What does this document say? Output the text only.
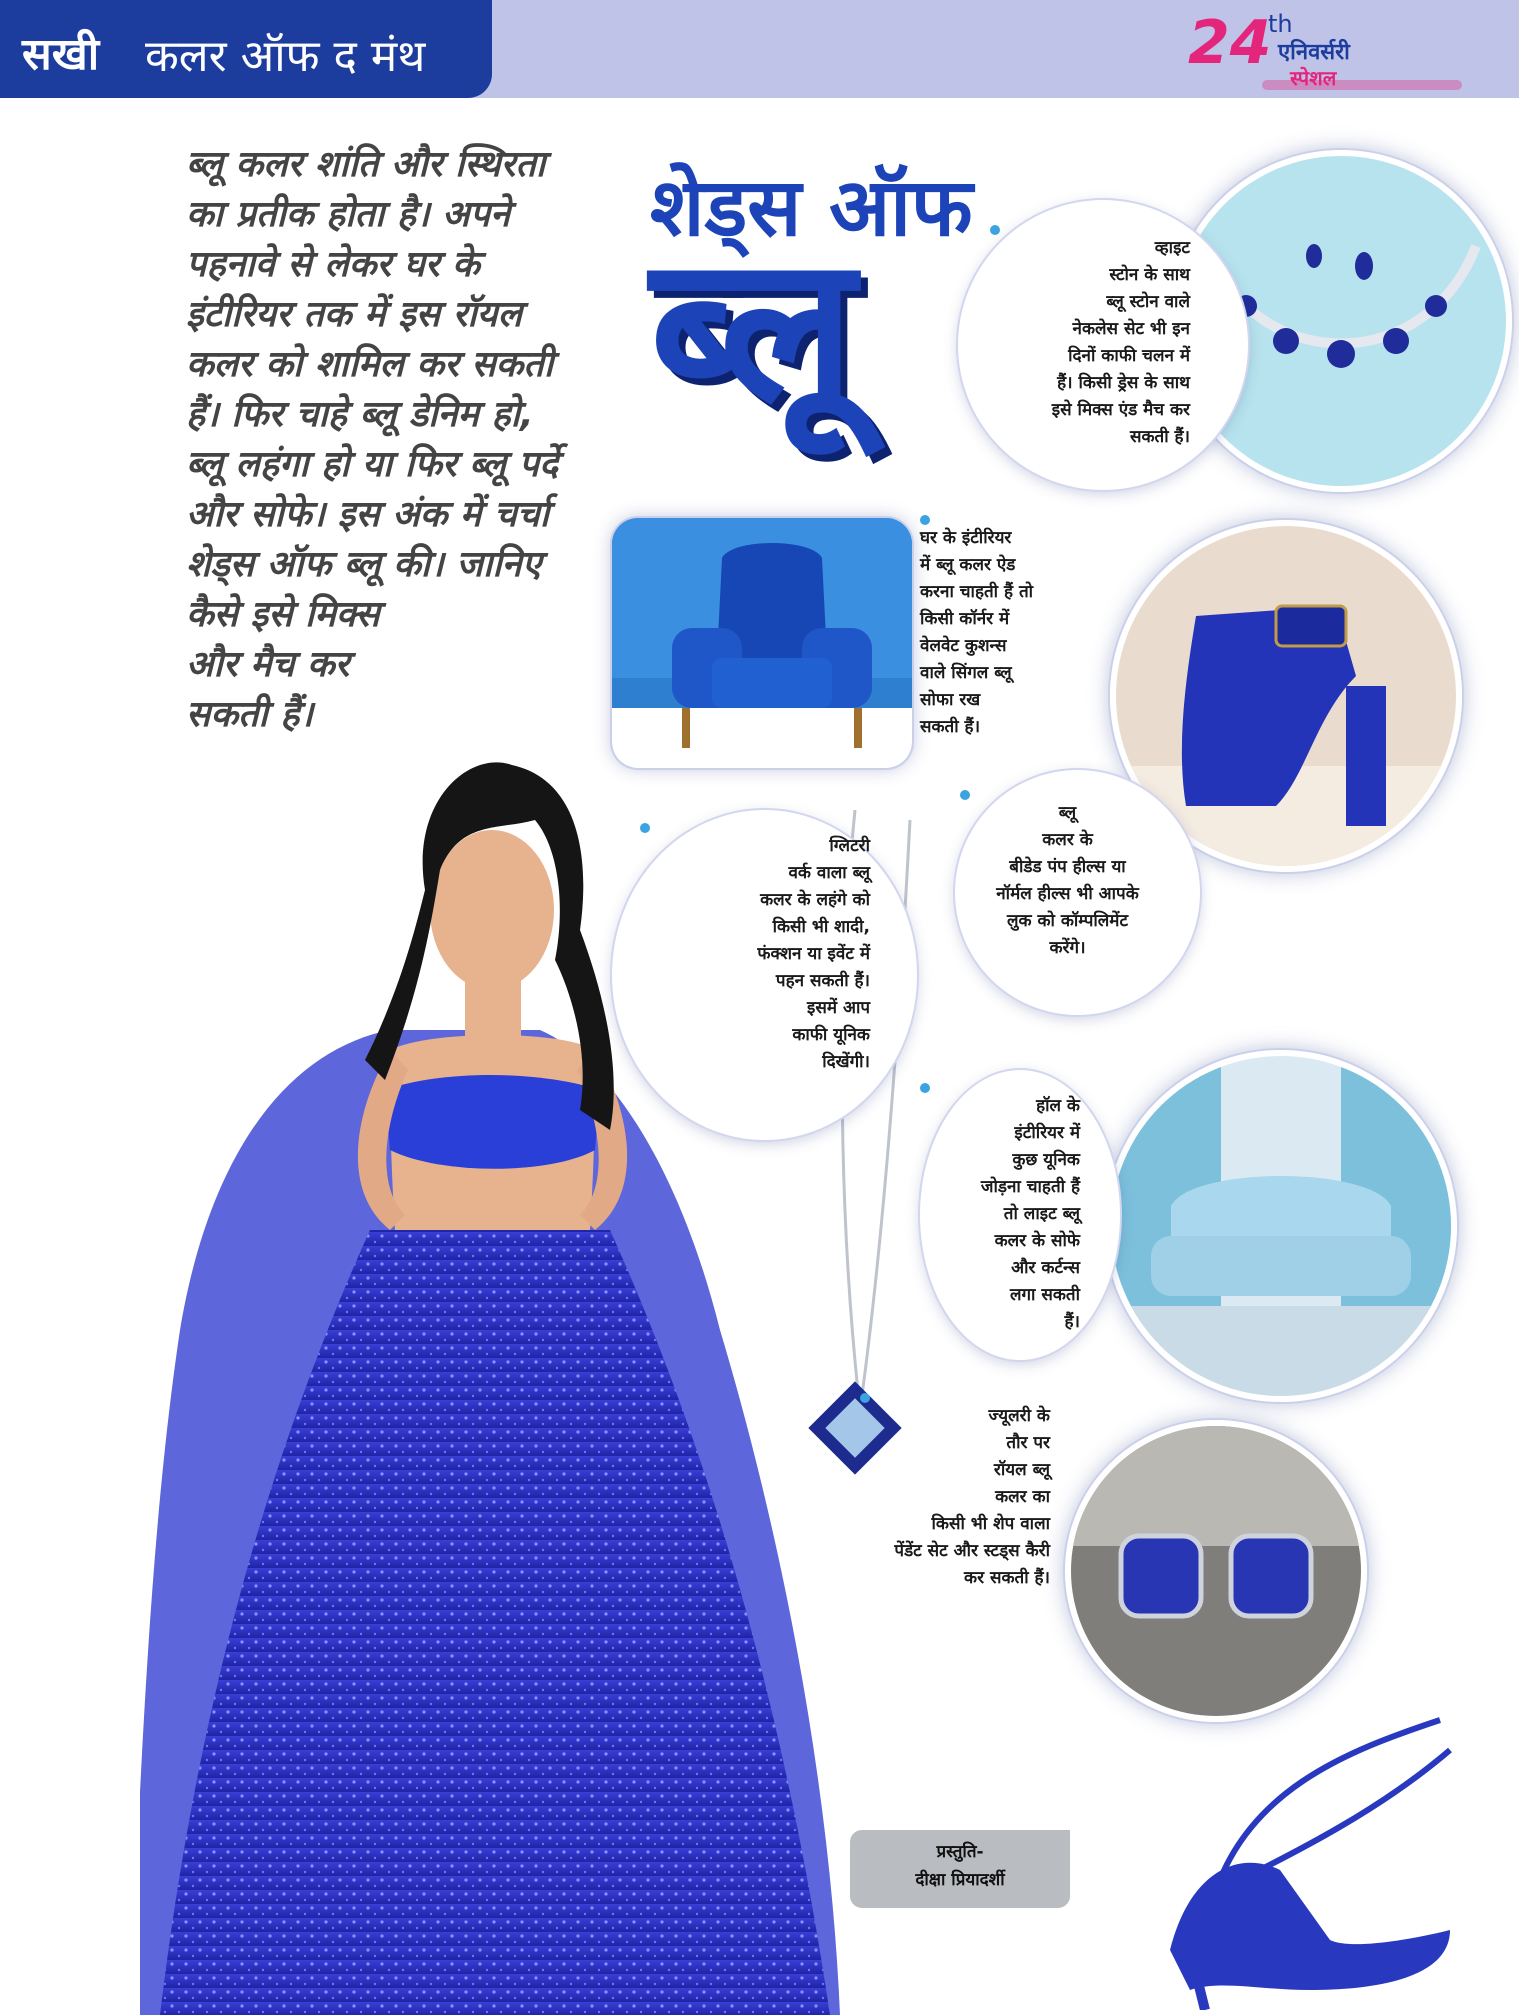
सखी कलर ऑफ द मंथ	24
th
एनिवर्सरी
स्पेशल
ब्लू कलर शांति और स्थिरता
का प्रतीक होता है। अपने
पहनावे से लेकर घर के
इंटीरियर तक में इस रॉयल
कलर को शामिल कर सकती
हैं। फिर चाहे ब्लू डेनिम हो,
ब्लू लहंगा हो या फिर ब्लू पर्दे
और सोफे। इस अंक में चर्चा
शेड्स ऑफ ब्लू की। जानिए
कैसे इसे मिक्स
और मैच कर
सकती हैं।
शेड्स ऑफ
ब्लू	व्हाइट
स्टोन के साथ
ब्लू स्टोन वाले
नेकलेस सेट भी इन
दिनों काफी चलन में
हैं। किसी ड्रेस के साथ
इसे मिक्स एंड मैच कर
सकती हैं।
घर के इंटीरियर
में ब्लू कलर ऐड
करना चाहती हैं तो
किसी कॉर्नर में
वेलवेट कुशन्स
वाले सिंगल ब्लू
सोफा रख
सकती हैं।
ब्लू
कलर के
बीडेड पंप हील्स या
नॉर्मल हील्स भी आपके
लुक को कॉम्पलिमेंट
करेंगे।
ग्लिटरी
वर्क वाला ब्लू
कलर के लहंगे को
किसी भी शादी,
फंक्शन या इवेंट में
पहन सकती हैं।
इसमें आप
काफी यूनिक
दिखेंगी।
हॉल के
इंटीरियर में
कुछ यूनिक
जोड़ना चाहती हैं
तो लाइट ब्लू
कलर के सोफे
और कर्टन्स
लगा सकती
हैं।
ज्यूलरी के
तौर पर
रॉयल ब्लू
कलर का
किसी भी शेप वाला
पेंडेंट सेट और स्टड्स कैरी
कर सकती हैं।
प्रस्तुति-
दीक्षा प्रियादर्शी
